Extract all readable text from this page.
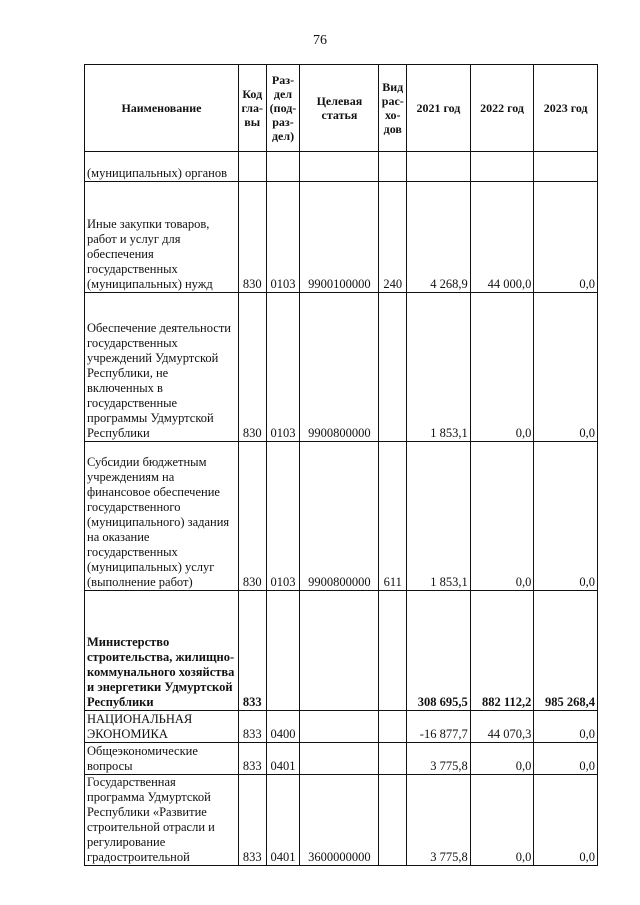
76
Наименование	Код гла- вы	Раз- дел (под- раз- дел)	Целевая статья	Вид рас- хо- дов	2021 год	2022 год	2023 год
(муниципальных) органов							
Иные закупки товаров, работ и услуг для обеспечения государственных (муниципальных) нужд	830	0103	9900100000	240	4 268,9	44 000,0	0,0
Обеспечение деятельности государственных учреждений Удмуртской Республики, не включенных в государственные программы Удмуртской Республики	830	0103	9900800000		1 853,1	0,0	0,0
Субсидии бюджетным учреждениям на финансовое обеспечение государственного (муниципального) задания на оказание государственных (муниципальных) услуг (выполнение работ)	830	0103	9900800000	611	1 853,1	0,0	0,0
Министерство строительства, жилищно-коммунального хозяйства и энергетики Удмуртской Республики	833				308 695,5	882 112,2	985 268,4
НАЦИОНАЛЬНАЯ ЭКОНОМИКА	833	0400			-16 877,7	44 070,3	0,0
Общеэкономические вопросы	833	0401			3 775,8	0,0	0,0
Государственная программа Удмуртской Республики «Развитие строительной отрасли и регулирование градостроительной	833	0401	3600000000		3 775,8	0,0	0,0
